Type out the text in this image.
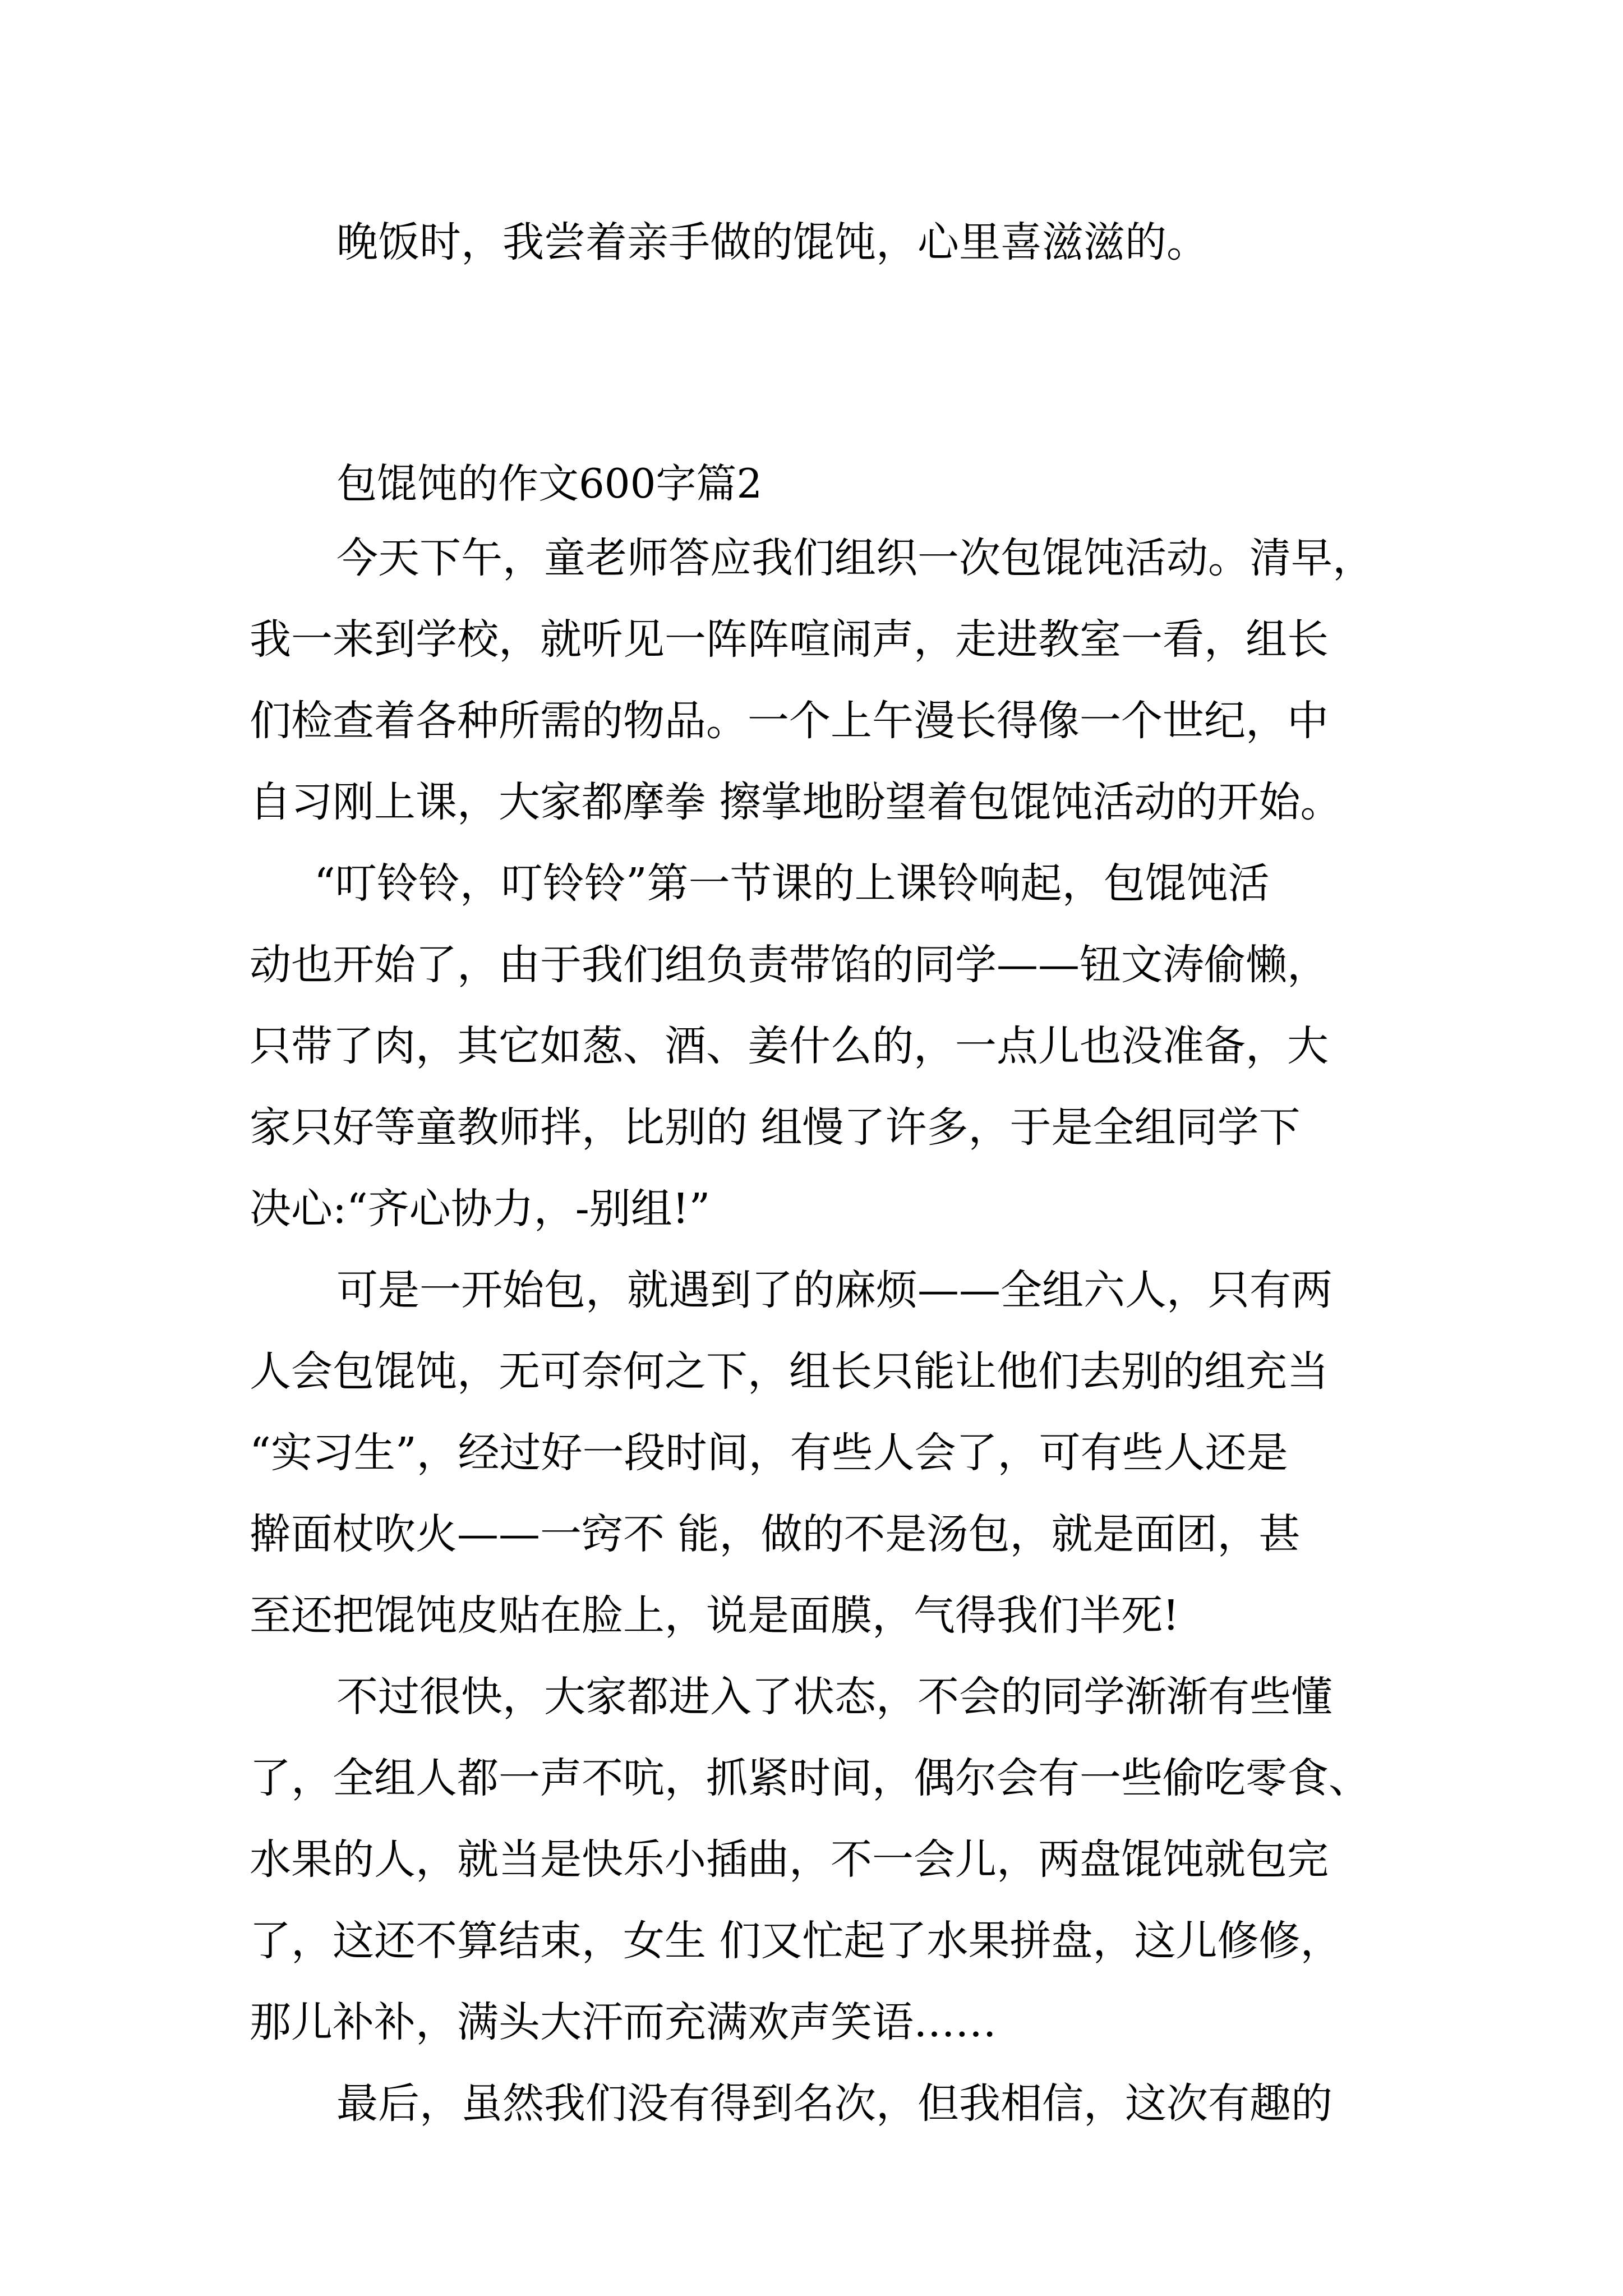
晚饭时，我尝着亲手做的馄饨，心里喜滋滋的。

包馄饨的作文600字篇2

今天下午，童老师答应我们组织一次包馄饨活动。清早，

我一来到学校，就听见一阵阵喧闹声，走进教室一看，组长

们检查着各种所需的物品。一个上午漫长得像一个世纪，中

自习刚上课，大家都摩拳 擦掌地盼望着包馄饨活动的开始。

“叮铃铃，叮铃铃”第一节课的上课铃响起，包馄饨活

动也开始了，由于我们组负责带馅的同学——钮文涛偷懒，

只带了肉，其它如葱、酒、姜什么的，一点儿也没准备，大

家只好等童教师拌，比别的 组慢了许多，于是全组同学下

决心:“齐心协力，-别组!”

可是一开始包，就遇到了的麻烦——全组六人，只有两

人会包馄饨，无可奈何之下，组长只能让他们去别的组充当

“实习生”，经过好一段时间，有些人会了，可有些人还是

擀面杖吹火——一窍不 能，做的不是汤包，就是面团，甚

至还把馄饨皮贴在脸上，说是面膜，气得我们半死!

不过很快，大家都进入了状态，不会的同学渐渐有些懂

了，全组人都一声不吭，抓紧时间，偶尔会有一些偷吃零食、

水果的人，就当是快乐小插曲，不一会儿，两盘馄饨就包完

了，这还不算结束，女生 们又忙起了水果拼盘，这儿修修，

那儿补补，满头大汗而充满欢声笑语……

最后，虽然我们没有得到名次，但我相信，这次有趣的
